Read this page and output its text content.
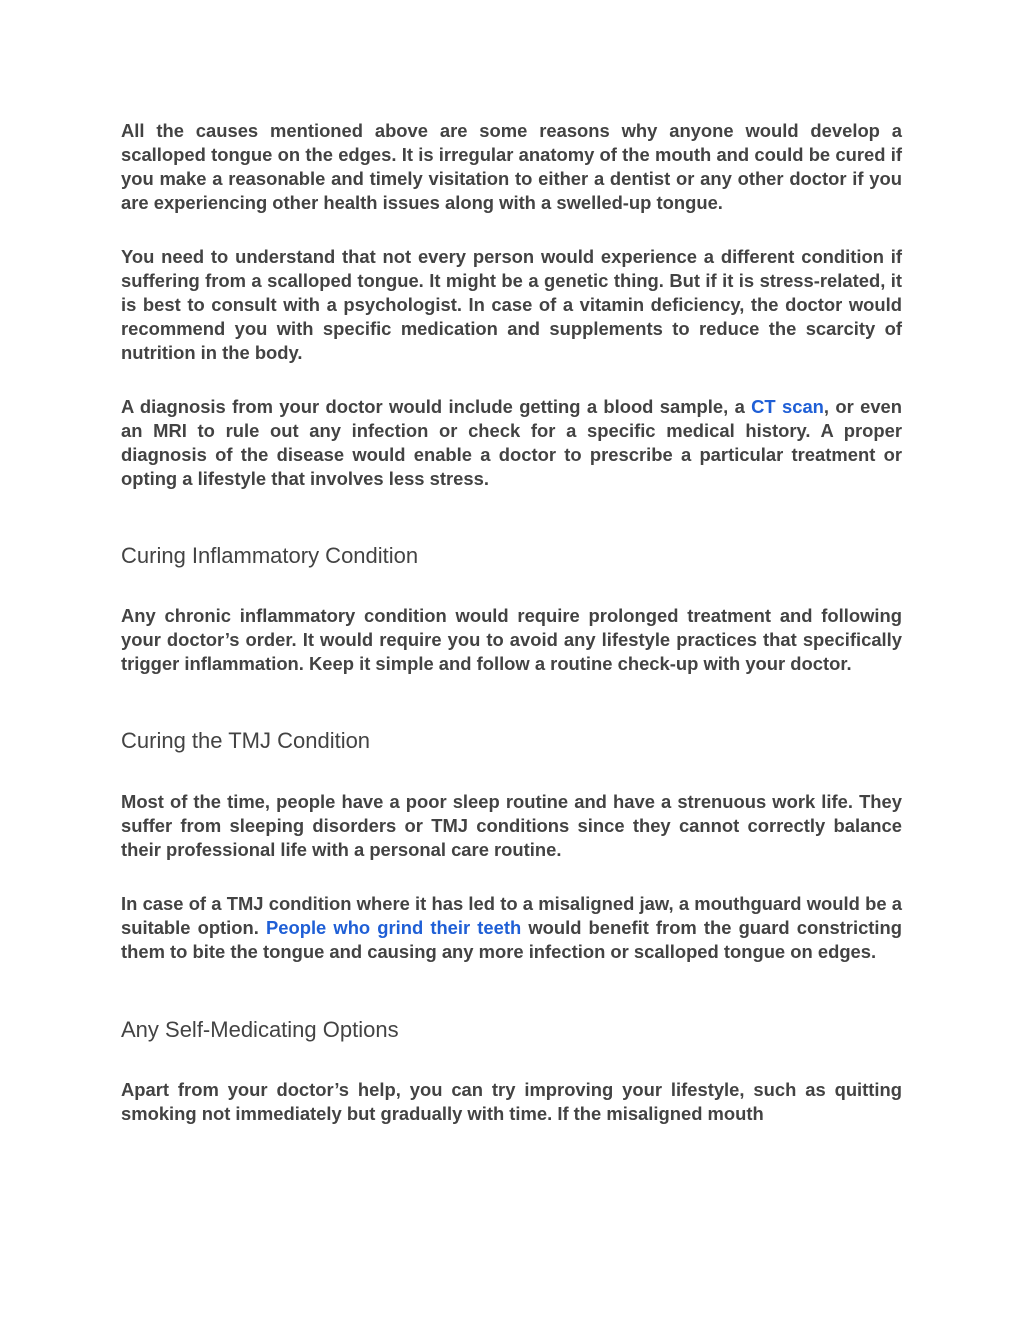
All the causes mentioned above are some reasons why anyone would develop a scalloped tongue on the edges. It is irregular anatomy of the mouth and could be cured if you make a reasonable and timely visitation to either a dentist or any other doctor if you are experiencing other health issues along with a swelled-up tongue.

You need to understand that not every person would experience a different condition if suffering from a scalloped tongue. It might be a genetic thing. But if it is stress-related, it is best to consult with a psychologist. In case of a vitamin deficiency, the doctor would recommend you with specific medication and supplements to reduce the scarcity of nutrition in the body.

A diagnosis from your doctor would include getting a blood sample, a CT scan, or even an MRI to rule out any infection or check for a specific medical history. A proper diagnosis of the disease would enable a doctor to prescribe a particular treatment or opting a lifestyle that involves less stress.

Curing Inflammatory Condition

Any chronic inflammatory condition would require prolonged treatment and following your doctor’s order. It would require you to avoid any lifestyle practices that specifically trigger inflammation. Keep it simple and follow a routine check-up with your doctor.

Curing the TMJ Condition

Most of the time, people have a poor sleep routine and have a strenuous work life. They suffer from sleeping disorders or TMJ conditions since they cannot correctly balance their professional life with a personal care routine.

In case of a TMJ condition where it has led to a misaligned jaw, a mouthguard would be a suitable option. People who grind their teeth would benefit from the guard constricting them to bite the tongue and causing any more infection or scalloped tongue on edges.

Any Self-Medicating Options

Apart from your doctor’s help, you can try improving your lifestyle, such as quitting smoking not immediately but gradually with time. If the misaligned mouth
